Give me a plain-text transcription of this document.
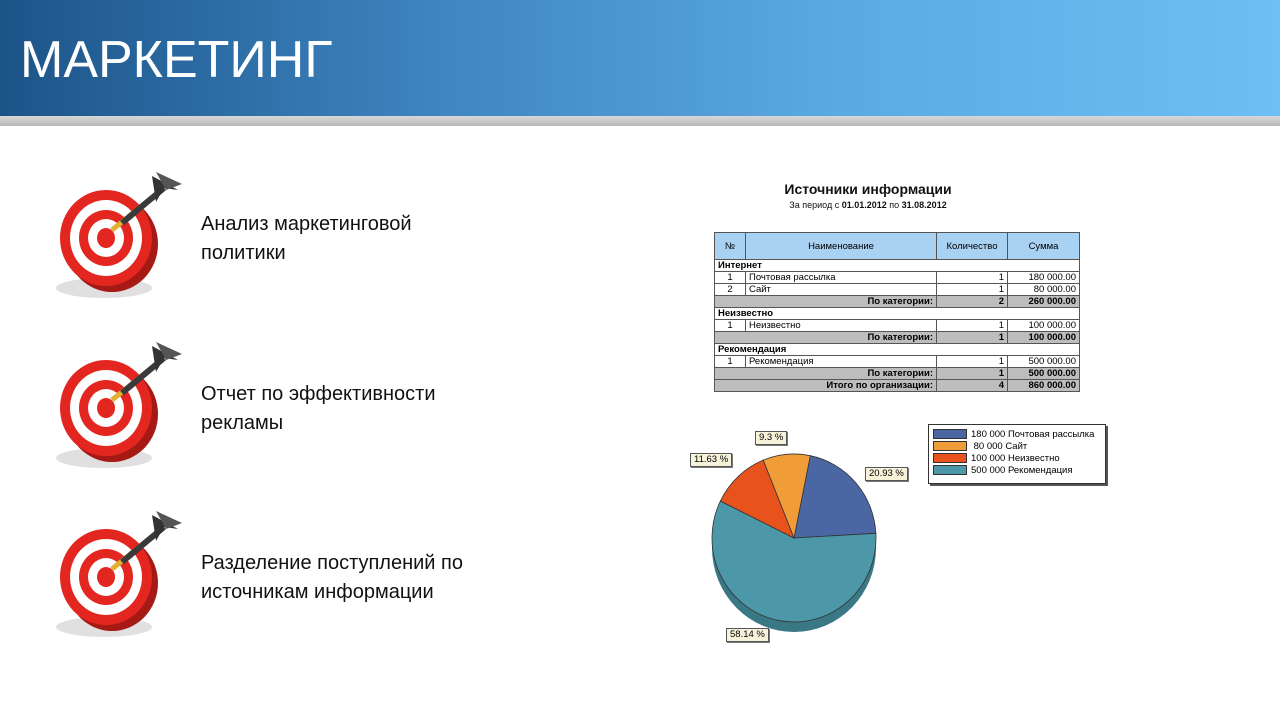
МАРКЕТИНГ
Анализ маркетинговой
политики
Отчет по эффективности
рекламы
Разделение поступлений по
источникам информации
Источники информации
За период с 01.01.2012 по 31.08.2012
№	Наименование	Количество	Сумма
Интернет			
1	Почтовая рассылка	1	180 000.00
2	Сайт	1	80 000.00
По категории:		2	260 000.00
Неизвестно			
1	Неизвестно	1	100 000.00
По категории:		1	100 000.00
Рекомендация			
1	Рекомендация	1	500 000.00
По категории:		1	500 000.00
Итого по организации:		4	860 000.00
9.3 %
11.63 %
20.93 %
58.14 %
180 000 Почтовая рассылка
80 000 Сайт
100 000 Неизвестно
500 000 Рекомендация
